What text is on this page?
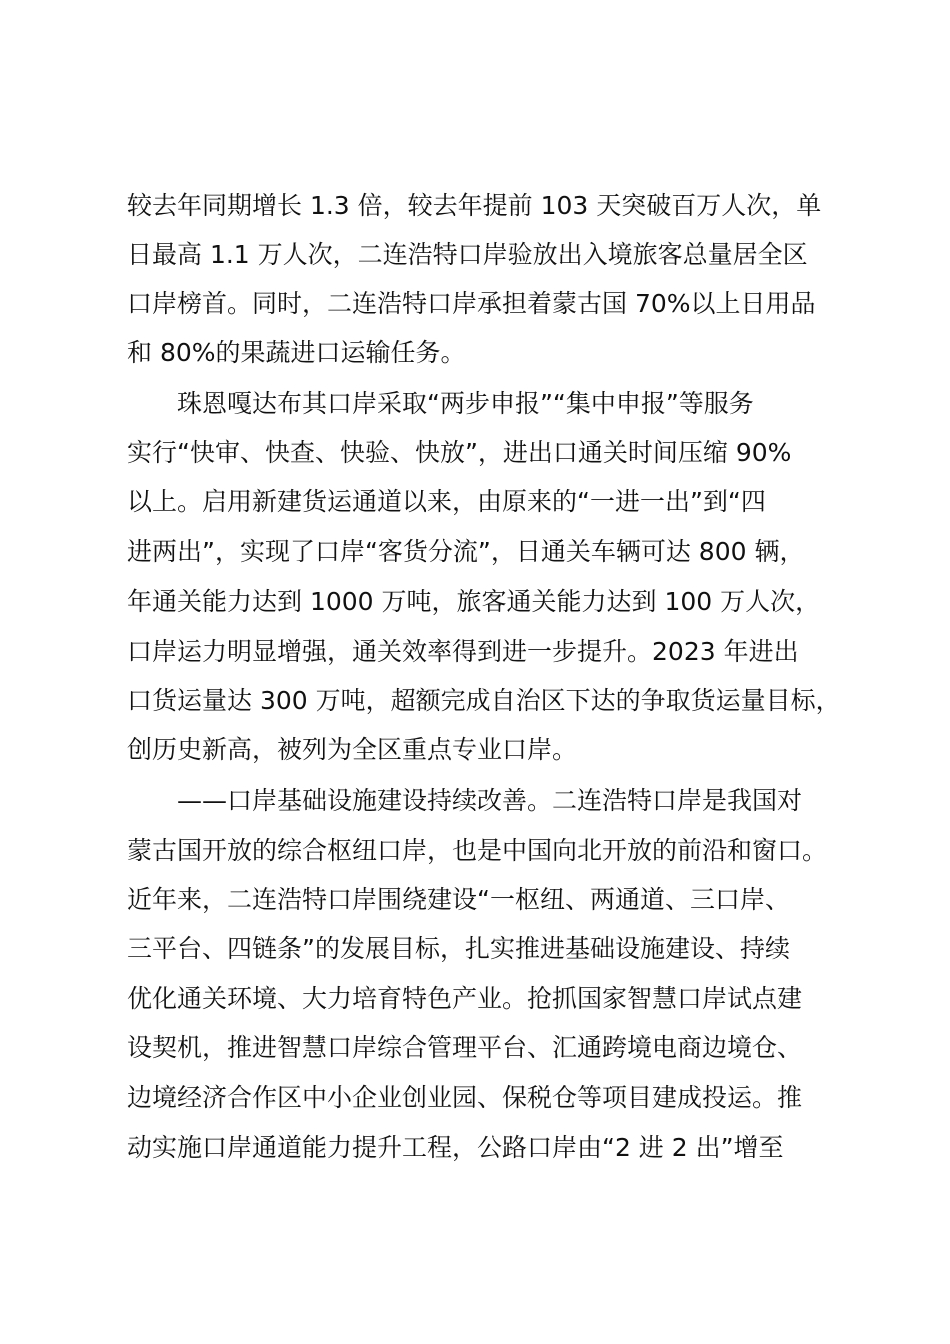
较去年同期增长 1.3 倍，较去年提前 103 天突破百万人次，单
日最高 1.1 万人次，二连浩特口岸验放出入境旅客总量居全区
口岸榜首。同时，二连浩特口岸承担着蒙古国 70%以上日用品
和 80%的果蔬进口运输任务。
　　珠恩嘎达布其口岸采取“两步申报”“集中申报”等服务
实行“快审、快查、快验、快放”，进出口通关时间压缩 90%
以上。启用新建货运通道以来，由原来的“一进一出”到“四
进两出”，实现了口岸“客货分流”，日通关车辆可达 800 辆，
年通关能力达到 1000 万吨，旅客通关能力达到 100 万人次，
口岸运力明显增强，通关效率得到进一步提升。2023 年进出
口货运量达 300 万吨，超额完成自治区下达的争取货运量目标，
创历史新高，被列为全区重点专业口岸。
　　——口岸基础设施建设持续改善。二连浩特口岸是我国对
蒙古国开放的综合枢纽口岸，也是中国向北开放的前沿和窗口。
近年来，二连浩特口岸围绕建设“一枢纽、两通道、三口岸、
三平台、四链条”的发展目标，扎实推进基础设施建设、持续
优化通关环境、大力培育特色产业。抢抓国家智慧口岸试点建
设契机，推进智慧口岸综合管理平台、汇通跨境电商边境仓、
边境经济合作区中小企业创业园、保税仓等项目建成投运。推
动实施口岸通道能力提升工程，公路口岸由“2 进 2 出”增至
